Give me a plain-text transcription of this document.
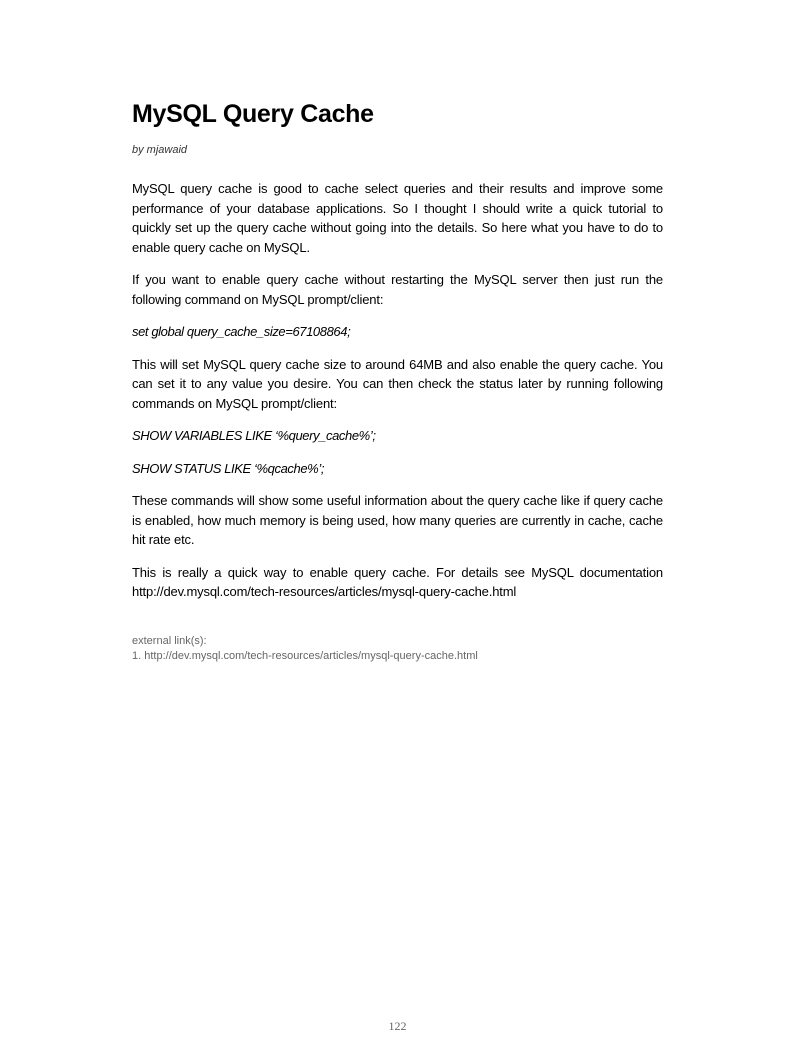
MySQL Query Cache
by mjawaid

MySQL query cache is good to cache select queries and their results and improve some performance of your database applications. So I thought I should write a quick tutorial to quickly set up the query cache without going into the details. So here what you have to do to enable query cache on MySQL.

If you want to enable query cache without restarting the MySQL server then just run the following command on MySQL prompt/client:

set global query_cache_size=67108864;

This will set MySQL query cache size to around 64MB and also enable the query cache. You can set it to any value you desire. You can then check the status later by running following commands on MySQL prompt/client:

SHOW VARIABLES LIKE ‘%query_cache%’;

SHOW STATUS LIKE ‘%qcache%’;

These commands will show some useful information about the query cache like if query cache is enabled, how much memory is being used, how many queries are currently in cache, cache hit rate etc.

This is really a quick way to enable query cache. For details see MySQL documentation http://dev.mysql.com/tech-resources/articles/mysql-query-cache.html

external link(s):
1. http://dev.mysql.com/tech-resources/articles/mysql-query-cache.html
122
